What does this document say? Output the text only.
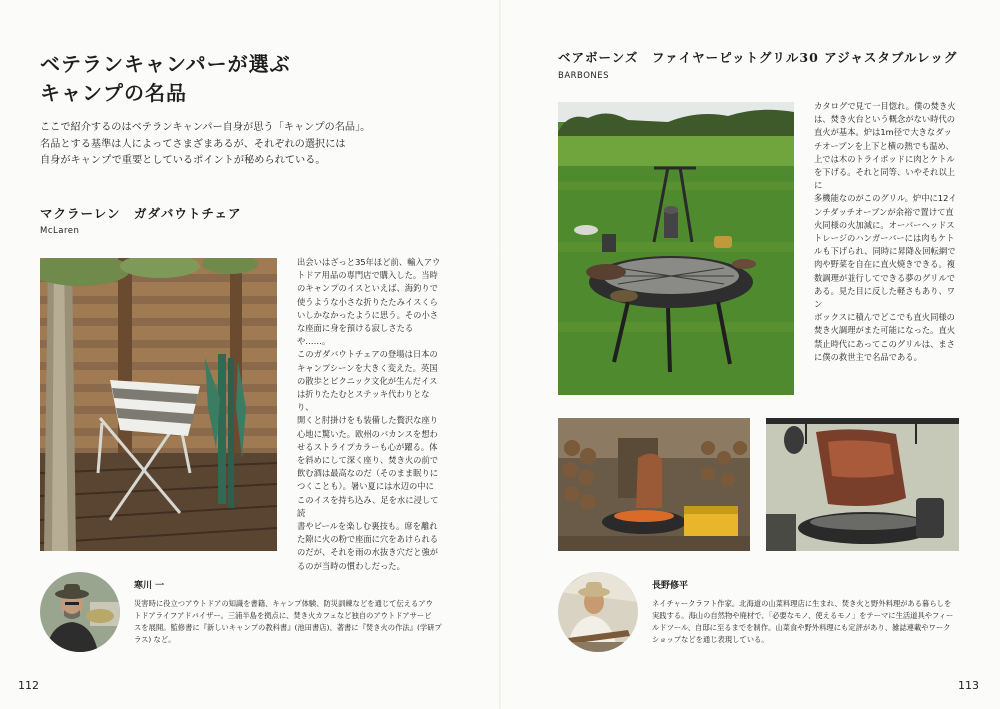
ベテランキャンパーが選ぶ
キャンプの名品
ここで紹介するのはベテランキャンパー自身が思う「キャンプの名品」。
名品とする基準は人によってさまざまあるが、それぞれの選択には
自身がキャンプで重要としているポイントが秘められている。
マクラーレン　ガダバウトチェア
McLaren
出会いはざっと35年ほど前、輸入アウ
トドア用品の専門店で購入した。当時
のキャンプのイスといえば、海釣りで
使うような小さな折りたたみイスくら
いしかなかったように思う。その小さ
な座面に身を預ける寂しさたるや……。
このガダバウトチェアの登場は日本の
キャンプシーンを大きく変えた。英国
の散歩とピクニック文化が生んだイス
は折りたたむとステッキ代わりとなり、
開くと肘掛けをも装備した贅沢な座り
心地に驚いた。欧州のバカンスを想わ
せるストライプカラーも心が躍る。体
を斜めにして深く座り、焚き火の前で
飲む酒は最高なのだ（そのまま眠りに
つくことも）。暑い夏には水辺の中に
このイスを持ち込み、足を水に浸して読
書やビールを楽しむ裏技も。席を離れ
た隙に火の粉で座面に穴をあけられる
のだが、それを雨の水抜き穴だと強が
るのが当時の慣わしだった。
寒川 一
災害時に役立つアウトドアの知識を書籍、キャンプ体験、防災訓練などを通じて伝えるアウ
トドアライフアドバイザー。三浦半島を拠点に、焚き火カフェなど独自のアウトドアサービ
スを展開。監修書に『新しいキャンプの教科書』(池田書店)、著書に『焚き火の作法』(学研プ
ラス) など。
112
ベアボーンズ　ファイヤーピットグリル30 アジャスタブルレッグ
BARBONES
カタログで見て一目惚れ。僕の焚き火
は、焚き火台という概念がない時代の
直火が基本。炉は1m径で大きなダッ
チオーブンを上下と横の熱でも温め、
上では木のトライポッドに肉とケトル
を下げる。それと同等、いやそれ以上に
多機能なのがこのグリル。炉中に12イ
ンチダッチオーブンが余裕で置けて直
火同様の火加減に。オーバーヘッドス
トレージのハンガーバーには肉もケト
ルも下げられ、同時に昇降＆回転網で
肉や野菜を自在に直火焼きできる。複
数調理が並行してできる夢のグリルで
ある。見た目に反した軽さもあり、ワン
ボックスに積んでどこでも直火同様の
焚き火調理がまた可能になった。直火
禁止時代にあってこのグリルは、まさ
に僕の救世主で名品である。
長野修平
ネイチャークラフト作家。北海道の山菜料理店に生まれ、焚き火と野外料理がある暮らしを
実践する。海山の自然物や廃材で、「必要なモノ、使えるモノ」をテーマに生活道具やフィー
ルドツール、自邸に至るまでを制作。山菜食や野外料理にも定評があり、雑誌連載やワーク
ショップなどを通じ表現している。
113
